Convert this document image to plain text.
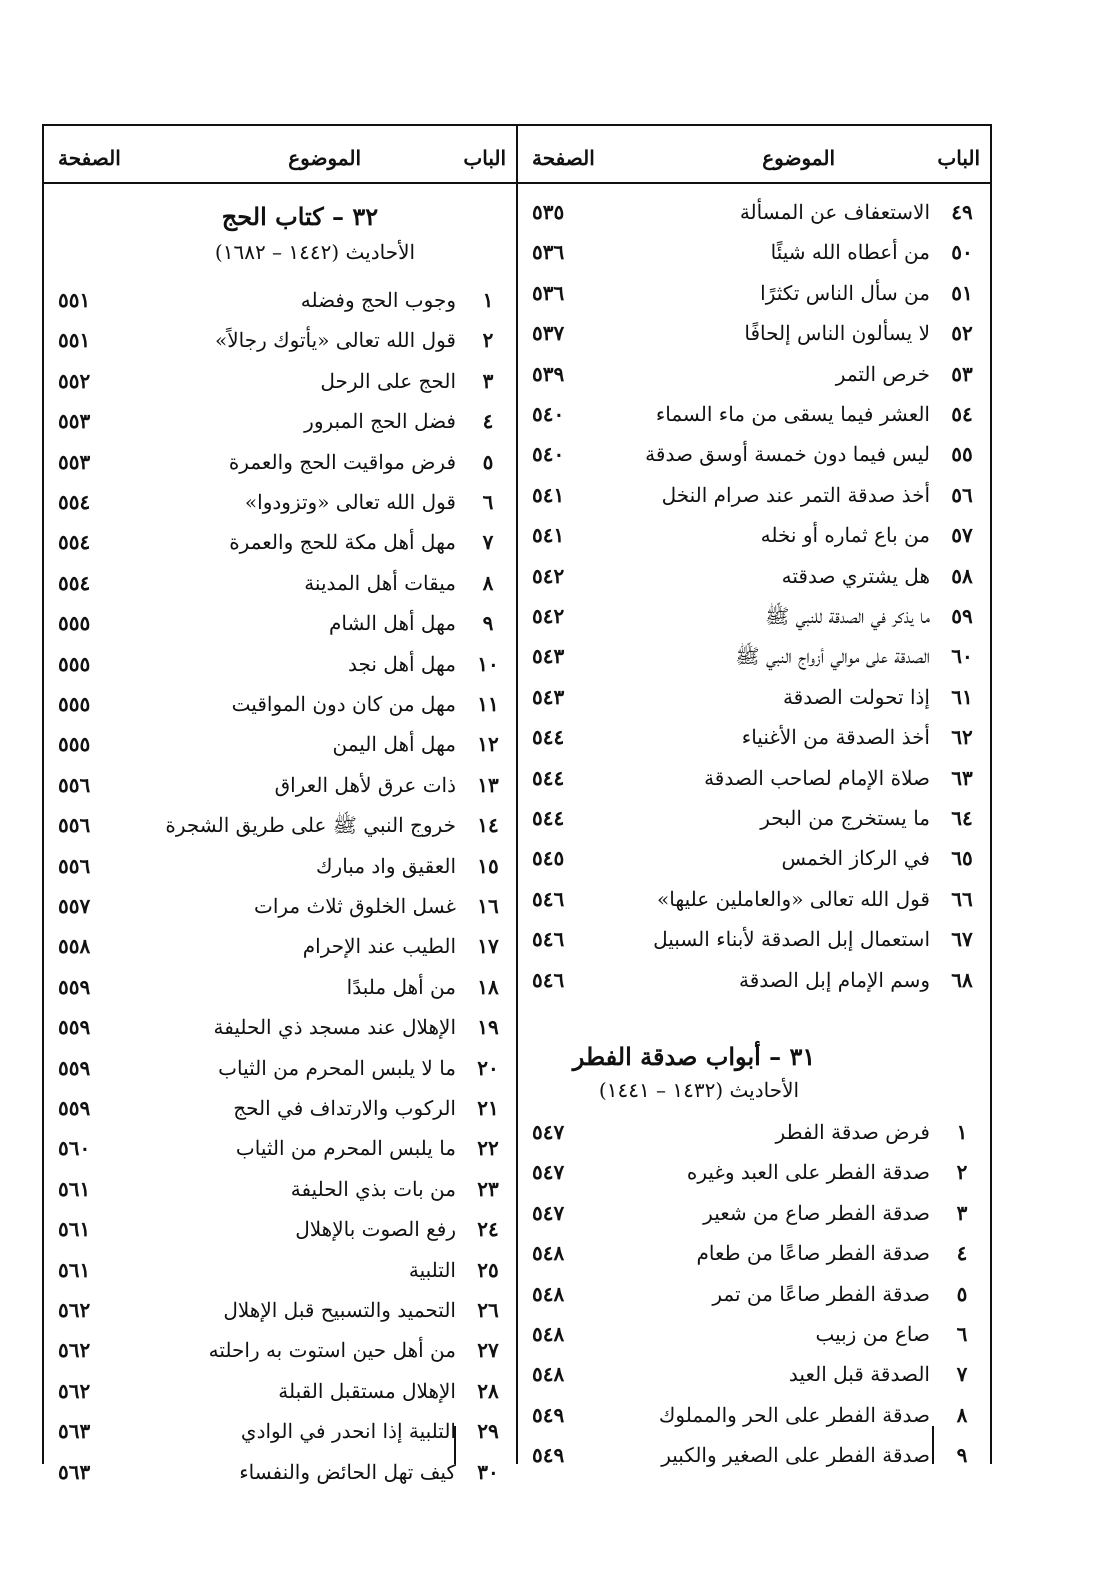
الباب
الموضوع
الصفحة
٣١ – أبواب صدقة الفطر
الأحاديث (١٤٣٢ – ١٤٤١)
٤٩
الاستعفاف عن المسألة
٥٣٥
٥٠
من أعطاه الله شيئًا
٥٣٦
٥١
من سأل الناس تكثرًا
٥٣٦
٥٢
لا يسألون الناس إلحافًا
٥٣٧
٥٣
خرص التمر
٥٣٩
٥٤
العشر فيما يسقى من ماء السماء
٥٤٠
٥٥
ليس فيما دون خمسة أوسق صدقة
٥٤٠
٥٦
أخذ صدقة التمر عند صرام النخل
٥٤١
٥٧
من باع ثماره أو نخله
٥٤١
٥٨
هل يشتري صدقته
٥٤٢
٥٩
ما يذكر في الصدقة للنبي ﷺ
٥٤٢
٦٠
الصدقة على موالي أزواج النبي ﷺ
٥٤٣
٦١
إذا تحولت الصدقة
٥٤٣
٦٢
أخذ الصدقة من الأغنياء
٥٤٤
٦٣
صلاة الإمام لصاحب الصدقة
٥٤٤
٦٤
ما يستخرج من البحر
٥٤٤
٦٥
في الركاز الخمس
٥٤٥
٦٦
قول الله تعالى «والعاملين عليها»
٥٤٦
٦٧
استعمال إبل الصدقة لأبناء السبيل
٥٤٦
٦٨
وسم الإمام إبل الصدقة
٥٤٦
١
فرض صدقة الفطر
٥٤٧
٢
صدقة الفطر على العبد وغيره
٥٤٧
٣
صدقة الفطر صاع من شعير
٥٤٧
٤
صدقة الفطر صاعًا من طعام
٥٤٨
٥
صدقة الفطر صاعًا من تمر
٥٤٨
٦
صاع من زبيب
٥٤٨
٧
الصدقة قبل العيد
٥٤٨
٨
صدقة الفطر على الحر والمملوك
٥٤٩
٩
صدقة الفطر على الصغير والكبير
٥٤٩
الباب
الموضوع
الصفحة
٣٢ – كتاب الحج
الأحاديث (١٤٤٢ – ١٦٨٢)
١
وجوب الحج وفضله
٥٥١
٢
قول الله تعالى «يأتوك رجالاً»
٥٥١
٣
الحج على الرحل
٥٥٢
٤
فضل الحج المبرور
٥٥٣
٥
فرض مواقيت الحج والعمرة
٥٥٣
٦
قول الله تعالى «وتزودوا»
٥٥٤
٧
مهل أهل مكة للحج والعمرة
٥٥٤
٨
ميقات أهل المدينة
٥٥٤
٩
مهل أهل الشام
٥٥٥
١٠
مهل أهل نجد
٥٥٥
١١
مهل من كان دون المواقيت
٥٥٥
١٢
مهل أهل اليمن
٥٥٥
١٣
ذات عرق لأهل العراق
٥٥٦
١٤
خروج النبي ﷺ على طريق الشجرة
٥٥٦
١٥
العقيق واد مبارك
٥٥٦
١٦
غسل الخلوق ثلاث مرات
٥٥٧
١٧
الطيب عند الإحرام
٥٥٨
١٨
من أهل ملبدًا
٥٥٩
١٩
الإهلال عند مسجد ذي الحليفة
٥٥٩
٢٠
ما لا يلبس المحرم من الثياب
٥٥٩
٢١
الركوب والارتداف في الحج
٥٥٩
٢٢
ما يلبس المحرم من الثياب
٥٦٠
٢٣
من بات بذي الحليفة
٥٦١
٢٤
رفع الصوت بالإهلال
٥٦١
٢٥
التلبية
٥٦١
٢٦
التحميد والتسبيح قبل الإهلال
٥٦٢
٢٧
من أهل حين استوت به راحلته
٥٦٢
٢٨
الإهلال مستقبل القبلة
٥٦٢
٢٩
التلبية إذا انحدر في الوادي
٥٦٣
٣٠
كيف تهل الحائض والنفساء
٥٦٣
